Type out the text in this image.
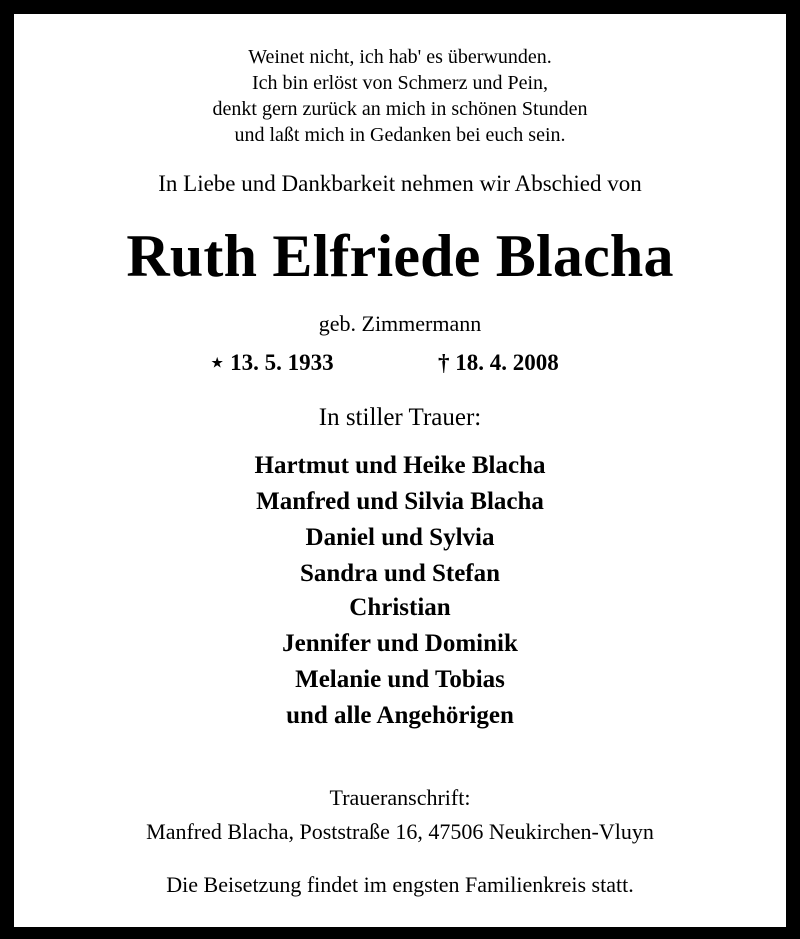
Weinet nicht, ich hab' es überwunden.
Ich bin erlöst von Schmerz und Pein,
denkt gern zurück an mich in schönen Stunden
und laßt mich in Gedanken bei euch sein.
In Liebe und Dankbarkeit nehmen wir Abschied von
Ruth Elfriede Blacha
geb. Zimmermann
⋆ 13. 5. 1933	† 18. 4. 2008
In stiller Trauer:
Hartmut und Heike Blacha
Manfred und Silvia Blacha
Daniel und Sylvia
Sandra und Stefan
Christian
Jennifer und Dominik
Melanie und Tobias
und alle Angehörigen
Traueranschrift:
Manfred Blacha, Poststraße 16, 47506 Neukirchen-Vluyn
Die Beisetzung findet im engsten Familienkreis statt.
